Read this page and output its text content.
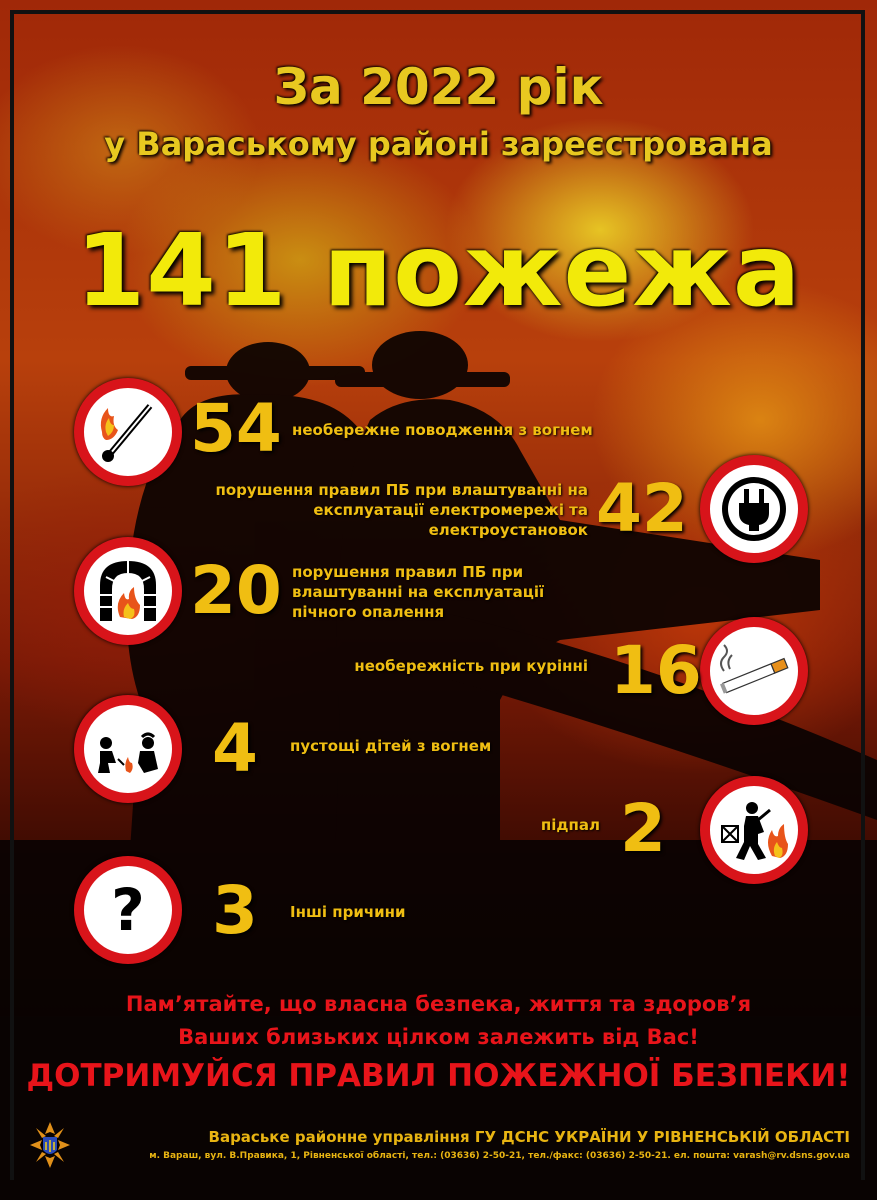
За 2022 рік
у Вараському районі зареєстрована
141 пожежа
54 необережне поводження з вогнем
42
порушення правил ПБ при влаштуванні на експлуатації електромережі та електроустановок
20 порушення правил ПБ при влаштуванні на експлуатації пічного опалення
16
необережність при курінні
4 пустощі дітей з вогнем
2
підпал
? 3 Інші причини
Пам’ятайте, що власна безпека, життя та здоров’я Ваших близьких цілком залежить від Вас!
ДОТРИМУЙСЯ ПРАВИЛ ПОЖЕЖНОЇ БЕЗПЕКИ!
Вараське районне управління ГУ ДСНС УКРАЇНИ У РІВНЕНСЬКІЙ ОБЛАСТІ
м. Вараш, вул. В.Правика, 1, Рівненської області, тел.: (03636) 2-50-21, тел./факс: (03636) 2-50-21. ел. пошта: varash@rv.dsns.gov.ua
